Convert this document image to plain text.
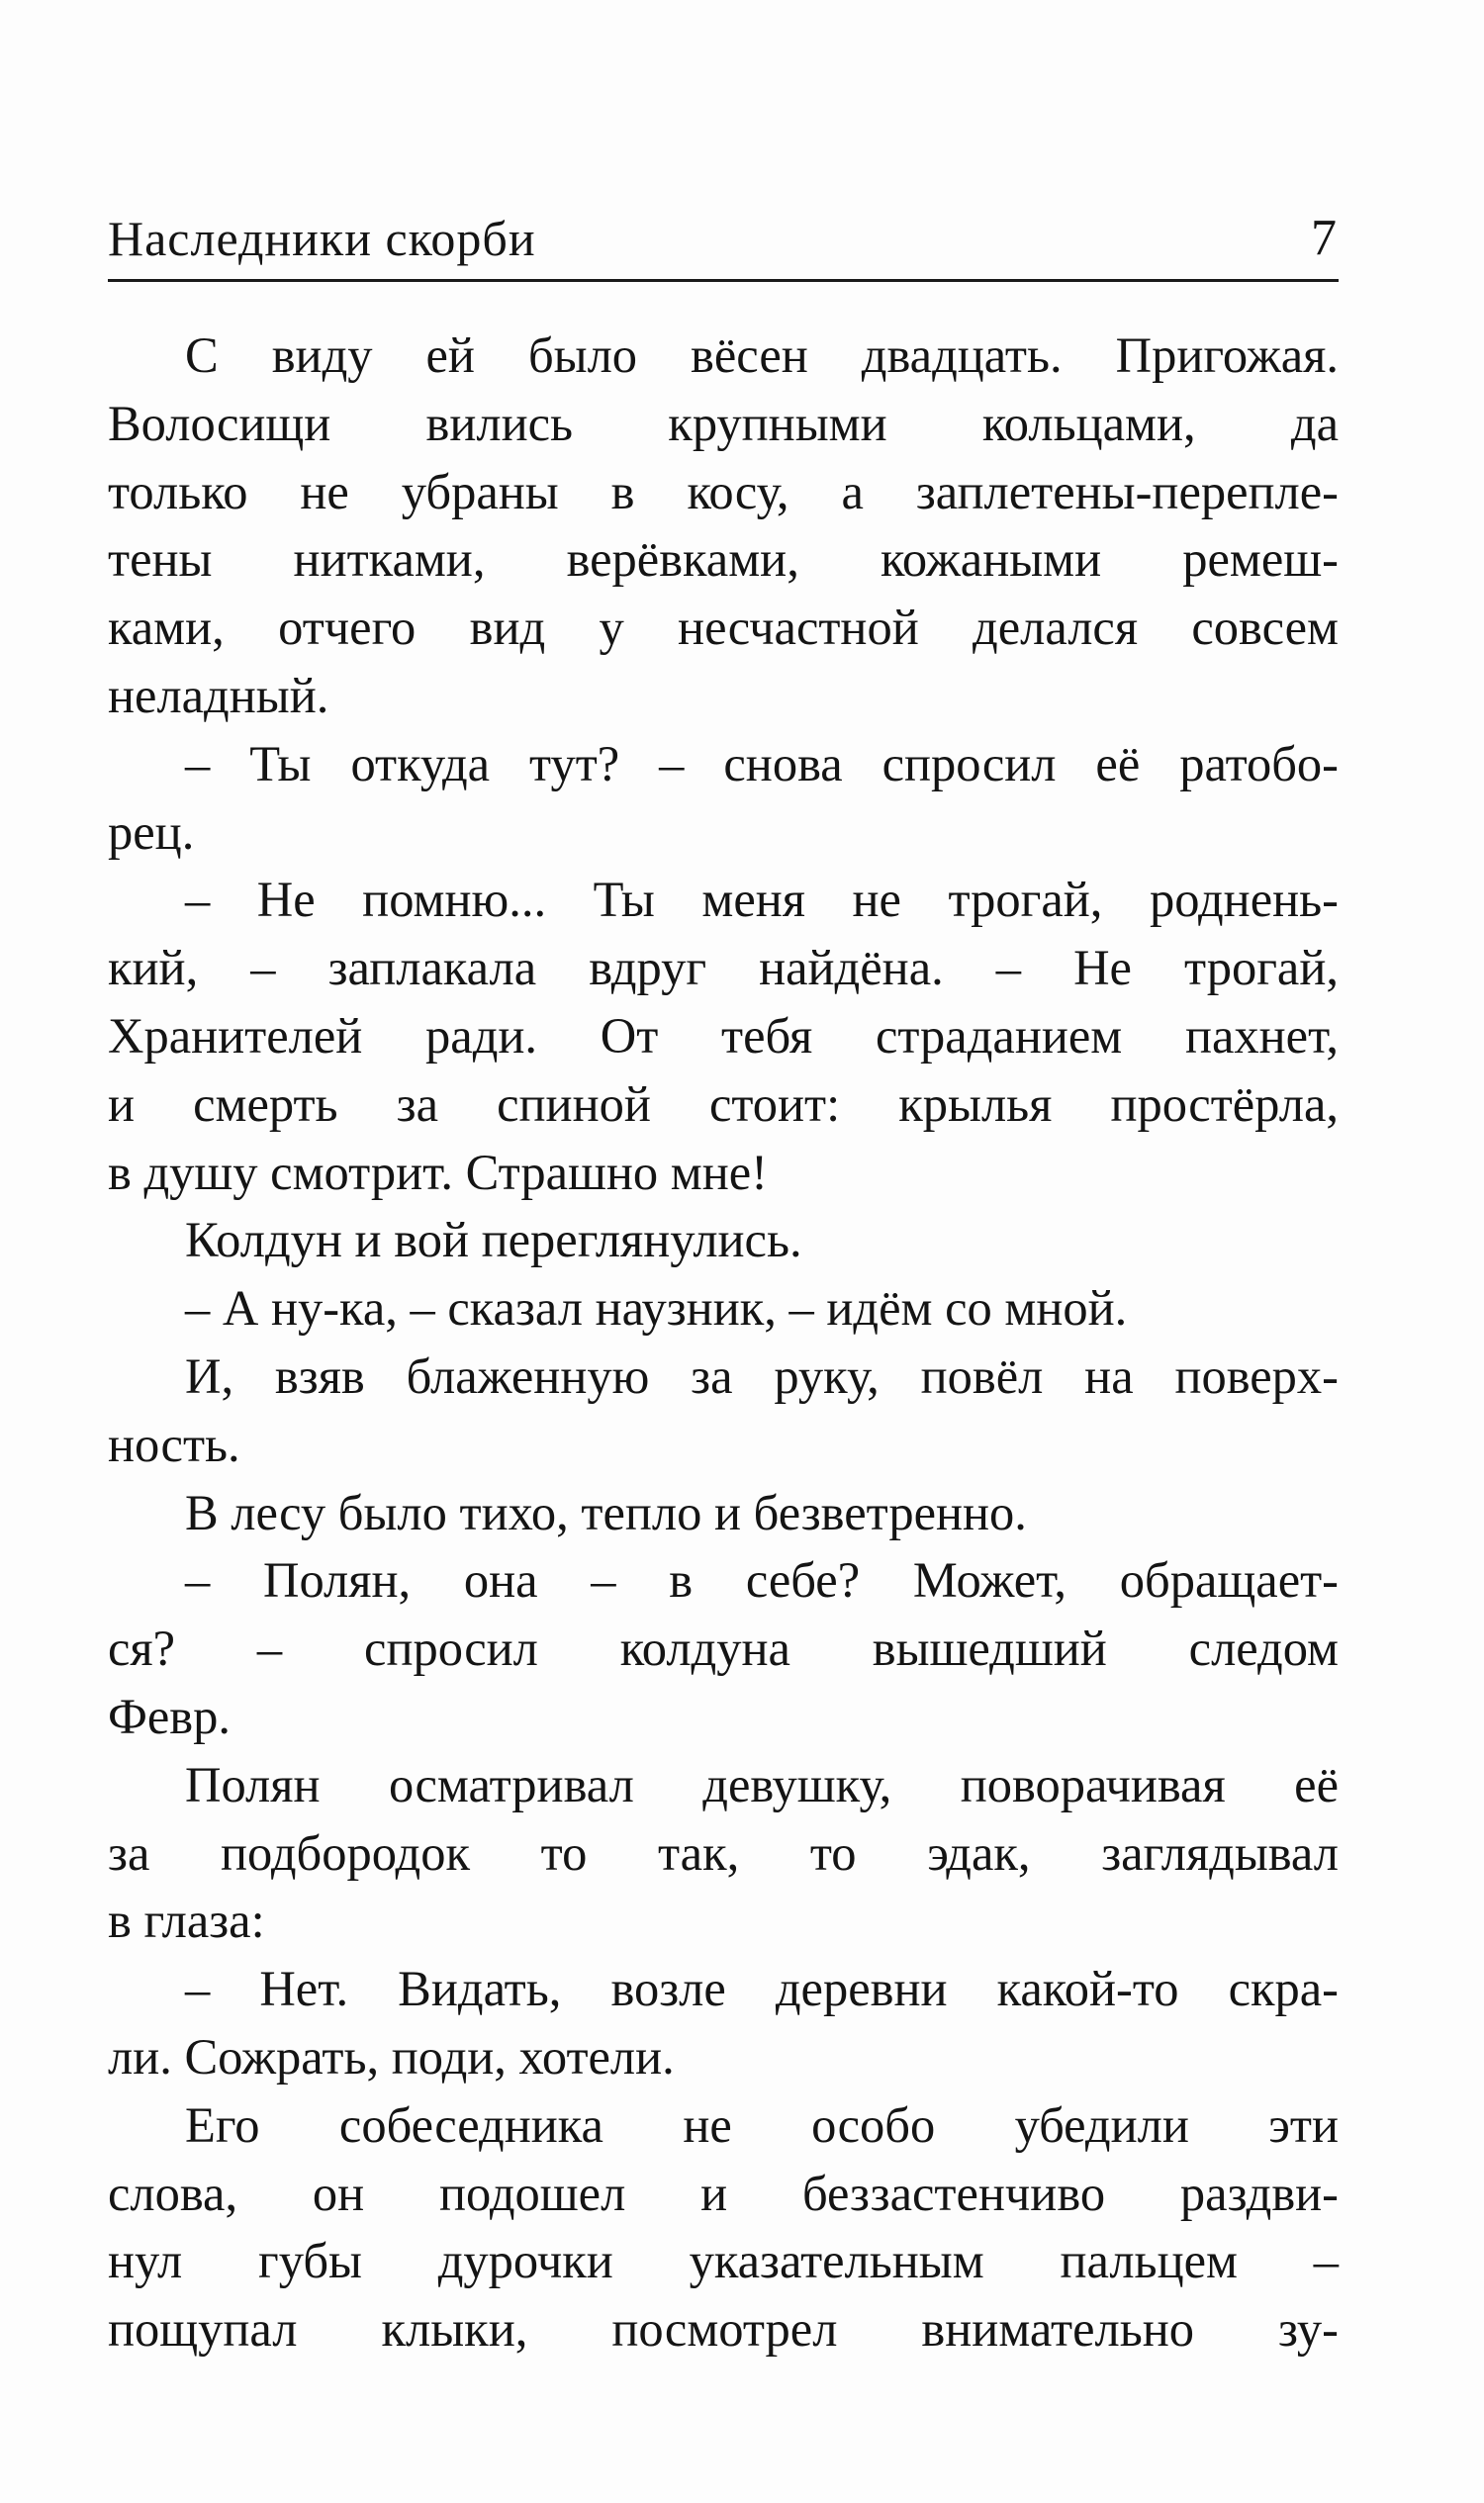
Наследники скорби	7
С виду ей было вёсен двадцать. Пригожая.
Волосищи вились крупными кольцами, да
только не убраны в косу, а заплетены-перепле-
тены нитками, верёвками, кожаными ремеш-
ками, отчего вид у несчастной делался совсем
неладный.
– Ты откуда тут? – снова спросил её ратобо-
рец.
– Не помню... Ты меня не трогай, роднень-
кий, – заплакала вдруг найдёна. – Не трогай,
Хранителей ради. От тебя страданием пахнет,
и смерть за спиной стоит: крылья простёрла,
в душу смотрит. Страшно мне!
Колдун и вой переглянулись.
– А ну-ка, – сказал наузник, – идём со мной.
И, взяв блаженную за руку, повёл на поверх-
ность.
В лесу было тихо, тепло и безветренно.
– Полян, она – в себе? Может, обращает-
ся? – спросил колдуна вышедший следом
Февр.
Полян осматривал девушку, поворачивая её
за подбородок то так, то эдак, заглядывал
в глаза:
– Нет. Видать, возле деревни какой-то скра-
ли. Сожрать, поди, хотели.
Его собеседника не особо убедили эти
слова, он подошел и беззастенчиво раздви-
нул губы дурочки указательным пальцем –
пощупал клыки, посмотрел внимательно зу-
